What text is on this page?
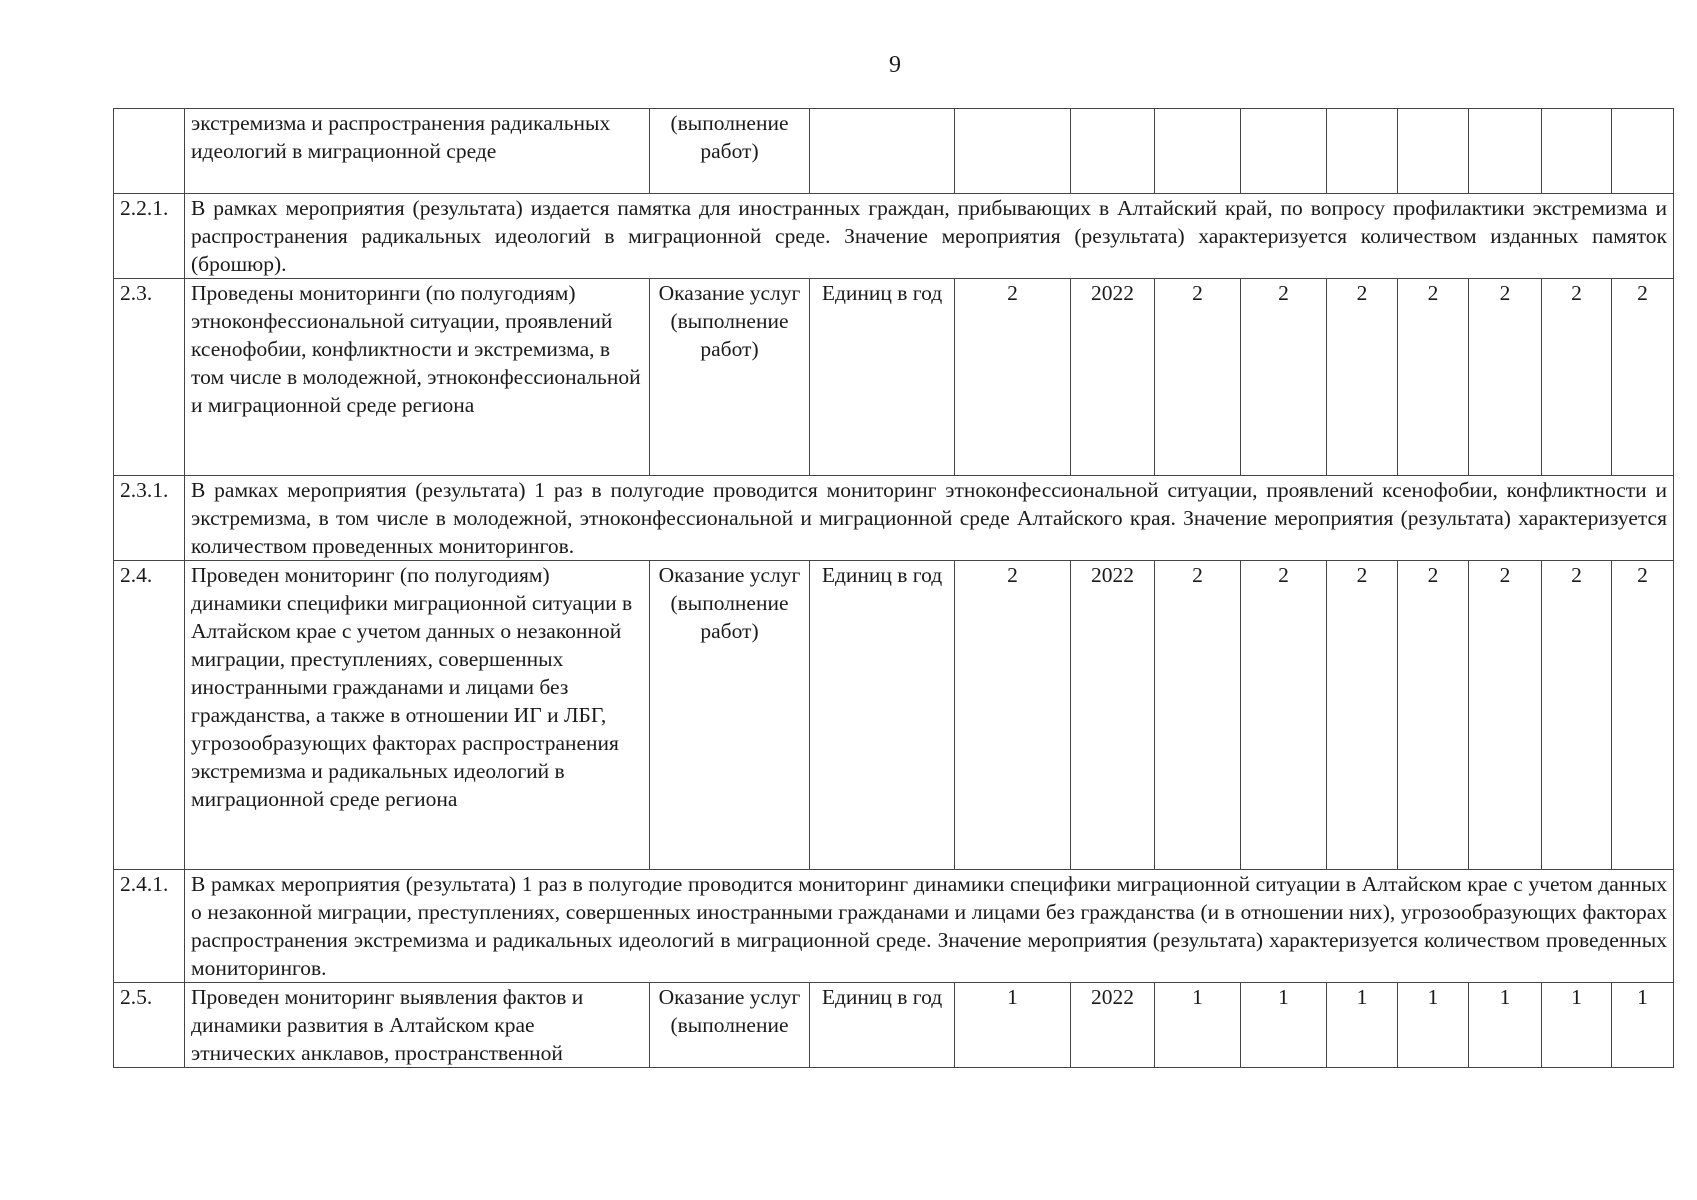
9
	экстремизма и распространения радикальных идеологий в миграционной среде	(выполнение работ)										
2.2.1.	В рамках мероприятия (результата) издается памятка для иностранных граждан, прибывающих в Алтайский край, по вопросу профилактики экстремизма и распространения радикальных идеологий в миграционной среде. Значение мероприятия (результата) характеризуется количеством изданных памяток (брошюр).											
2.3.	Проведены мониторинги (по полугодиям) этноконфессиональной ситуации, проявлений ксенофобии, конфликтности и экстремизма, в том числе в молодежной, этноконфессиональной и миграционной среде региона	Оказание услуг (выполнение работ)	Единиц в год	2	2022	2	2	2	2	2	2	2
2.3.1.	В рамках мероприятия (результата) 1 раз в полугодие проводится мониторинг этноконфессиональной ситуации, проявлений ксенофобии, конфликтности и экстремизма, в том числе в молодежной, этноконфессиональной и миграционной среде Алтайского края. Значение мероприятия (результата) характеризуется количеством проведенных мониторингов.											
2.4.	Проведен мониторинг (по полугодиям) динамики специфики миграционной ситуации в Алтайском крае с учетом данных о незаконной миграции, преступлениях, совершенных иностранными гражданами и лицами без гражданства, а также в отношении ИГ и ЛБГ, угрозообразующих факторах распространения экстремизма и радикальных идеологий в миграционной среде региона	Оказание услуг (выполнение работ)	Единиц в год	2	2022	2	2	2	2	2	2	2
2.4.1.	В рамках мероприятия (результата) 1 раз в полугодие проводится мониторинг динамики специфики миграционной ситуации в Алтайском крае с учетом данных о незаконной миграции, преступлениях, совершенных иностранными гражданами и лицами без гражданства (и в отношении них), угрозообразующих факторах распространения экстремизма и радикальных идеологий в миграционной среде. Значение мероприятия (результата) характеризуется количеством проведенных мониторингов.											
2.5.	Проведен мониторинг выявления фактов и динамики развития в Алтайском крае этнических анклавов, пространственной	Оказание услуг (выполнение	Единиц в год	1	2022	1	1	1	1	1	1	1
